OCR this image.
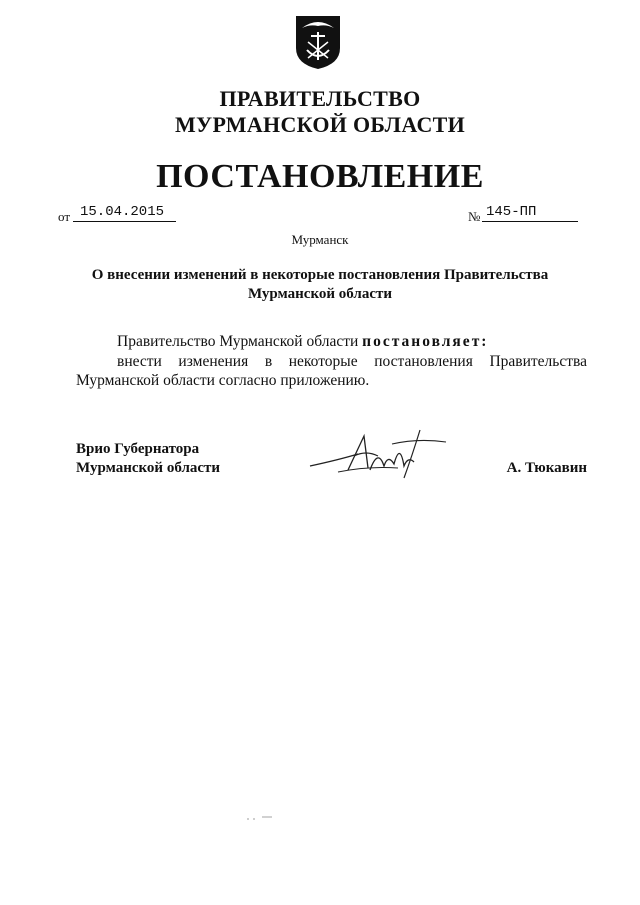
ПРАВИТЕЛЬСТВО
МУРМАНСКОЙ ОБЛАСТИ
ПОСТАНОВЛЕНИЕ
от 15.04.2015	№ 145-ПП
Мурманск
О внесении изменений в некоторые постановления Правительства
Мурманской области
Правительство Мурманской области постановляет:
внести изменения в некоторые постановления Правительства
Мурманской области согласно приложению.
Врио Губернатора
Мурманской области	А. Тюкавин
